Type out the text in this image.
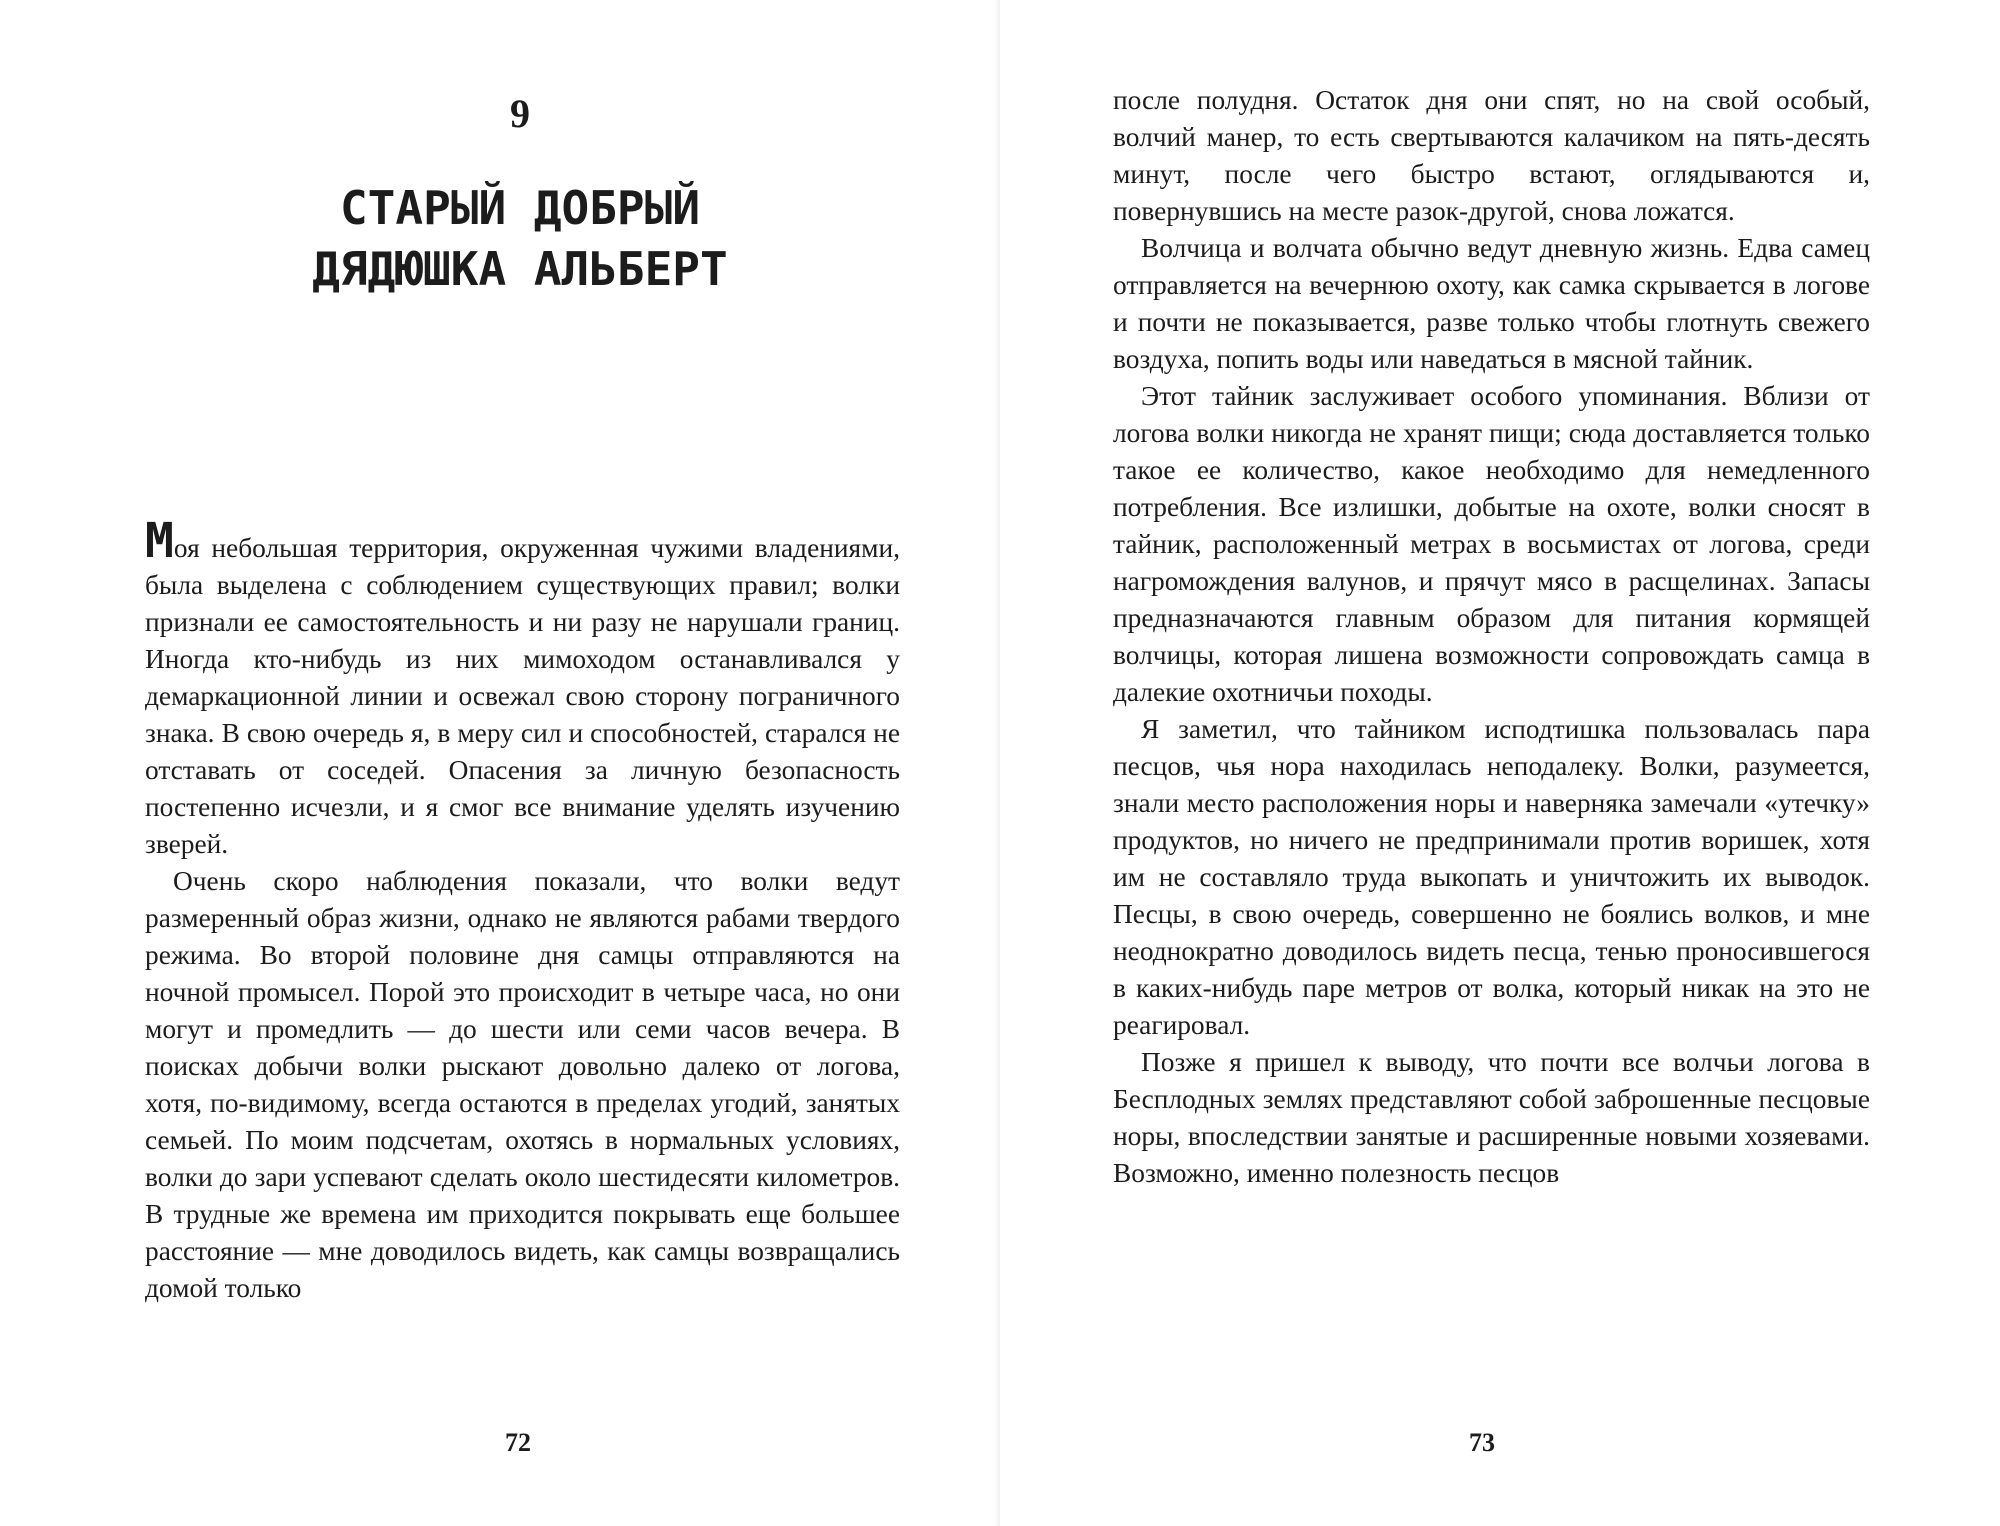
9
СТАРЫЙ ДОБРЫЙ
ДЯДЮШКА АЛЬБЕРТ

Моя небольшая территория, окруженная чужими владениями, была выделена с соблюдением существующих правил; волки признали ее самостоятельность и ни разу не нарушали границ. Иногда кто-нибудь из них мимоходом останавливался у демаркационной линии и освежал свою сторону пограничного знака. В свою очередь я, в меру сил и способностей, старался не отставать от соседей. Опасения за личную безопасность постепенно исчезли, и я смог все внимание уделять изучению зверей.

Очень скоро наблюдения показали, что волки ведут размеренный образ жизни, однако не являются рабами твердого режима. Во второй половине дня самцы отправляются на ночной промысел. Порой это происходит в четыре часа, но они могут и промедлить — до шести или семи часов вечера. В поисках добычи волки рыскают довольно далеко от логова, хотя, по-видимому, всегда остаются в пределах угодий, занятых семьей. По моим подсчетам, охотясь в нормальных условиях, волки до зари успевают сделать около шестидесяти километров. В трудные же времена им приходится покрывать еще большее расстояние — мне доводилось видеть, как самцы возвращались домой только

72

после полудня. Остаток дня они спят, но на свой особый, волчий манер, то есть свертываются калачиком на пять-десять минут, после чего быстро встают, оглядываются и, повернувшись на месте разок-другой, снова ложатся.

Волчица и волчата обычно ведут дневную жизнь. Едва самец отправляется на вечернюю охоту, как самка скрывается в логове и почти не показывается, разве только чтобы глотнуть свежего воздуха, попить воды или наведаться в мясной тайник.

Этот тайник заслуживает особого упоминания. Вблизи от логова волки никогда не хранят пищи; сюда доставляется только такое ее количество, какое необходимо для немедленного потребления. Все излишки, добытые на охоте, волки сносят в тайник, расположенный метрах в восьмистах от логова, среди нагромождения валунов, и прячут мясо в расщелинах. Запасы предназначаются главным образом для питания кормящей волчицы, которая лишена возможности сопровождать самца в далекие охотничьи походы.

Я заметил, что тайником исподтишка пользовалась пара песцов, чья нора находилась неподалеку. Волки, разумеется, знали место расположения норы и наверняка замечали «утечку» продуктов, но ничего не предпринимали против воришек, хотя им не составляло труда выкопать и уничтожить их выводок. Песцы, в свою очередь, совершенно не боялись волков, и мне неоднократно доводилось видеть песца, тенью проносившегося в каких-нибудь паре метров от волка, который никак на это не реагировал.

Позже я пришел к выводу, что почти все волчьи логова в Бесплодных землях представляют собой заброшенные песцовые норы, впоследствии занятые и расширенные новыми хозяевами. Возможно, именно полезность песцов

73
